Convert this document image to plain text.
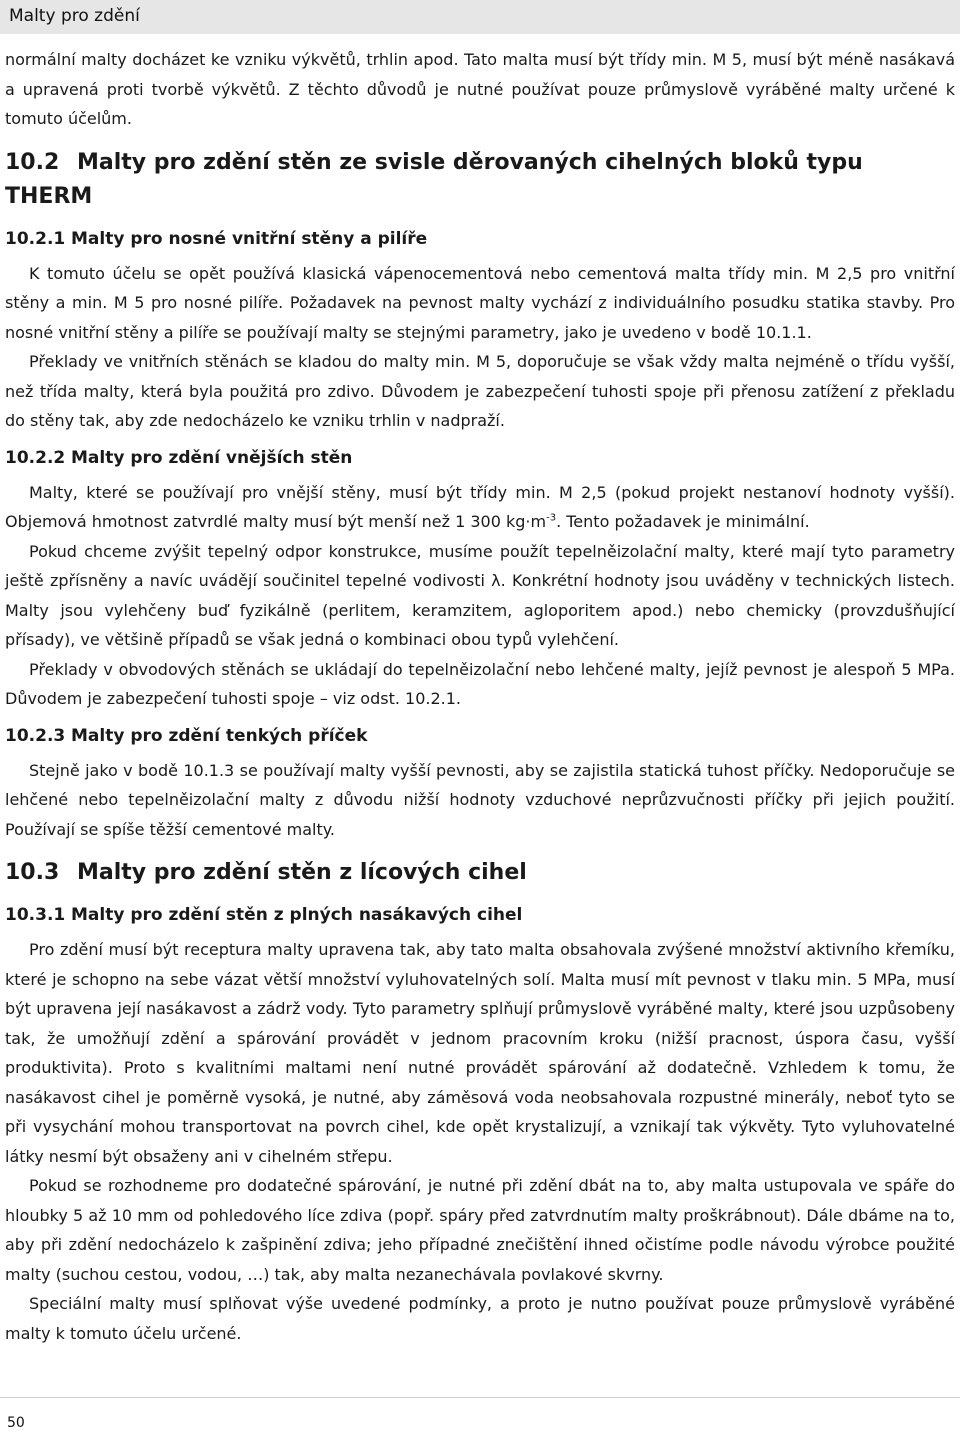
Malty pro zdění

normální malty docházet ke vzniku výkvětů, trhlin apod. Tato malta musí být třídy min. M 5, musí být méně nasákavá a upravená proti tvorbě výkvětů. Z těchto důvodů je nutné používat pouze průmyslově vyráběné malty určené k tomuto účelům.

10.2 Malty pro zdění stěn ze svisle děrovaných cihelných bloků typu THERM
10.2.1 Malty pro nosné vnitřní stěny a pilíře

K tomuto účelu se opět používá klasická vápenocementová nebo cementová malta třídy min. M 2,5 pro vnitřní stěny a min. M 5 pro nosné pilíře. Požadavek na pevnost malty vychází z individuálního posudku statika stavby. Pro nosné vnitřní stěny a pilíře se používají malty se stejnými parametry, jako je uvedeno v bodě 10.1.1.

Překlady ve vnitřních stěnách se kladou do malty min. M 5, doporučuje se však vždy malta nejméně o třídu vyšší, než třída malty, která byla použitá pro zdivo. Důvodem je zabezpečení tuhosti spoje při přenosu zatížení z překladu do stěny tak, aby zde nedocházelo ke vzniku trhlin v nadpraží.

10.2.2 Malty pro zdění vnějších stěn

Malty, které se používají pro vnější stěny, musí být třídy min. M 2,5 (pokud projekt nestanoví hodnoty vyšší). Objemová hmotnost zatvrdlé malty musí být menší než 1 300 $kg\cdot m^{-3}$. Tento požadavek je minimální.

Pokud chceme zvýšit tepelný odpor konstrukce, musíme použít tepelněizolační malty, které mají tyto parametry ještě zpřísněny a navíc uvádějí součinitel tepelné vodivosti λ. Konkrétní hodnoty jsou uváděny v technických listech. Malty jsou vylehčeny buď fyzikálně (perlitem, keramzitem, agloporitem apod.) nebo chemicky (provzdušňující přísady), ve většině případů se však jedná o kombinaci obou typů vylehčení.

Překlady v obvodových stěnách se ukládají do tepelněizolační nebo lehčené malty, jejíž pevnost je alespoň 5 MPa. Důvodem je zabezpečení tuhosti spoje – viz odst. 10.2.1.

10.2.3 Malty pro zdění tenkých příček

Stejně jako v bodě 10.1.3 se používají malty vyšší pevnosti, aby se zajistila statická tuhost příčky. Nedoporučuje se lehčené nebo tepelněizolační malty z důvodu nižší hodnoty vzduchové neprůzvučnosti příčky při jejich použití. Používají se spíše těžší cementové malty.

10.3 Malty pro zdění stěn z lícových cihel
10.3.1 Malty pro zdění stěn z plných nasákavých cihel

Pro zdění musí být receptura malty upravena tak, aby tato malta obsahovala zvýšené množství aktivního křemíku, které je schopno na sebe vázat větší množství vyluhovatelných solí. Malta musí mít pevnost v tlaku min. 5 MPa, musí být upravena její nasákavost a zádrž vody. Tyto parametry splňují průmyslově vyráběné malty, které jsou uzpůsobeny tak, že umožňují zdění a spárování provádět v jednom pracovním kroku (nižší pracnost, úspora času, vyšší produktivita). Proto s kvalitními maltami není nutné provádět spárování až dodatečně. Vzhledem k tomu, že nasákavost cihel je poměrně vysoká, je nutné, aby záměsová voda neobsahovala rozpustné minerály, neboť tyto se při vysychání mohou transportovat na povrch cihel, kde opět krystalizují, a vznikají tak výkvěty. Tyto vyluhovatelné látky nesmí být obsaženy ani v cihelném střepu.

Pokud se rozhodneme pro dodatečné spárování, je nutné při zdění dbát na to, aby malta ustupovala ve spáře do hloubky 5 až 10 mm od pohledového líce zdiva (popř. spáry před zatvrdnutím malty proškrábnout). Dále dbáme na to, aby při zdění nedocházelo k zašpinění zdiva; jeho případné znečištění ihned očistíme podle návodu výrobce použité malty (suchou cestou, vodou, …) tak, aby malta nezanechávala povlakové skvrny.

Speciální malty musí splňovat výše uvedené podmínky, a proto je nutno používat pouze průmyslově vyráběné malty k tomuto účelu určené.

50
